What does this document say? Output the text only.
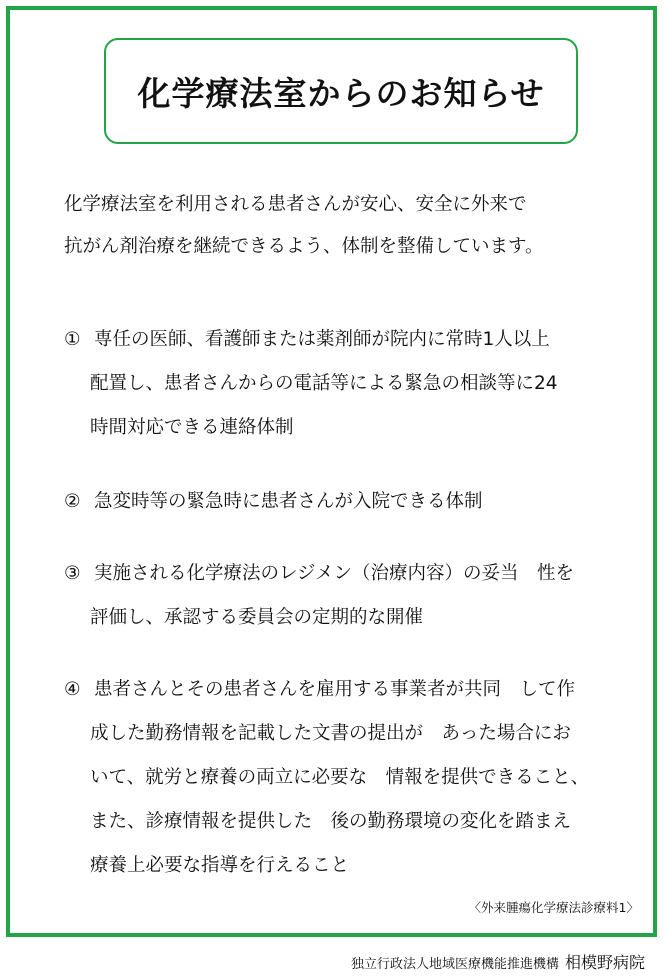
化学療法室からのお知らせ
化学療法室を利用される患者さんが安心、安全に外来で
抗がん剤治療を継続できるよう、体制を整備しています。
① 専任の医師、看護師または薬剤師が院内に常時1人以上
配置し、患者さんからの電話等による緊急の相談等に24
時間対応できる連絡体制
② 急変時等の緊急時に患者さんが入院できる体制
③ 実施される化学療法のレジメン（治療内容）の妥当　性を
評価し、承認する委員会の定期的な開催
④ 患者さんとその患者さんを雇用する事業者が共同　して作
成した勤務情報を記載した文書の提出が　あった場合にお
いて、就労と療養の両立に必要な　情報を提供できること、
また、診療情報を提供した　後の勤務環境の変化を踏まえ
療養上必要な指導を行えること
〈外来腫瘍化学療法診療料1〉
独立行政法人地域医療機能推進機構 相模野病院
